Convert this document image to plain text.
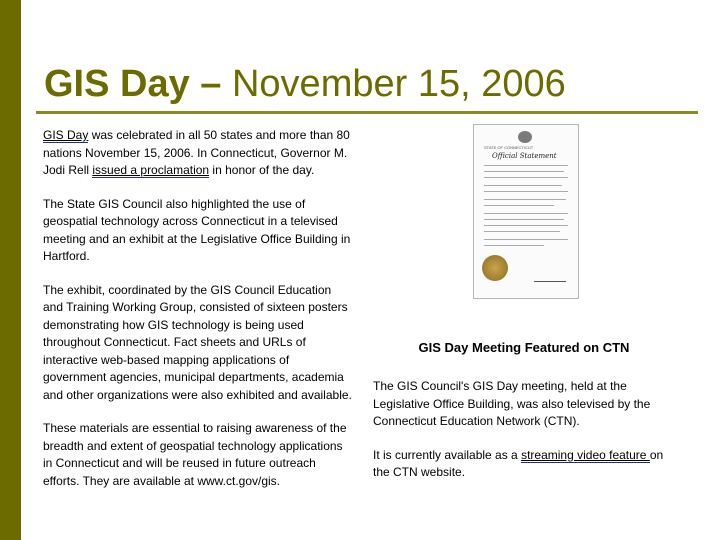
GIS Day – November 15, 2006

GIS Day was celebrated in all 50 states and more than 80 nations November 15, 2006. In Connecticut, Governor M. Jodi Rell issued a proclamation in honor of the day.

The State GIS Council also highlighted the use of geospatial technology across Connecticut in a televised meeting and an exhibit at the Legislative Office Building in Hartford.

The exhibit, coordinated by the GIS Council Education and Training Working Group, consisted of sixteen posters demonstrating how GIS technology is being used throughout Connecticut. Fact sheets and URLs of interactive web-based mapping applications of government agencies, municipal departments, academia and other organizations were also exhibited and available.

These materials are essential to raising awareness of the breadth and extent of geospatial technology applications in Connecticut and will be reused in future outreach efforts. They are available at www.ct.gov/gis.

STATE OF CONNECTICUT
Official Statement
GIS Day Meeting Featured on CTN

The GIS Council's GIS Day meeting, held at the Legislative Office Building, was also televised by the Connecticut Education Network (CTN).

It is currently available as a streaming video feature on the CTN website.
